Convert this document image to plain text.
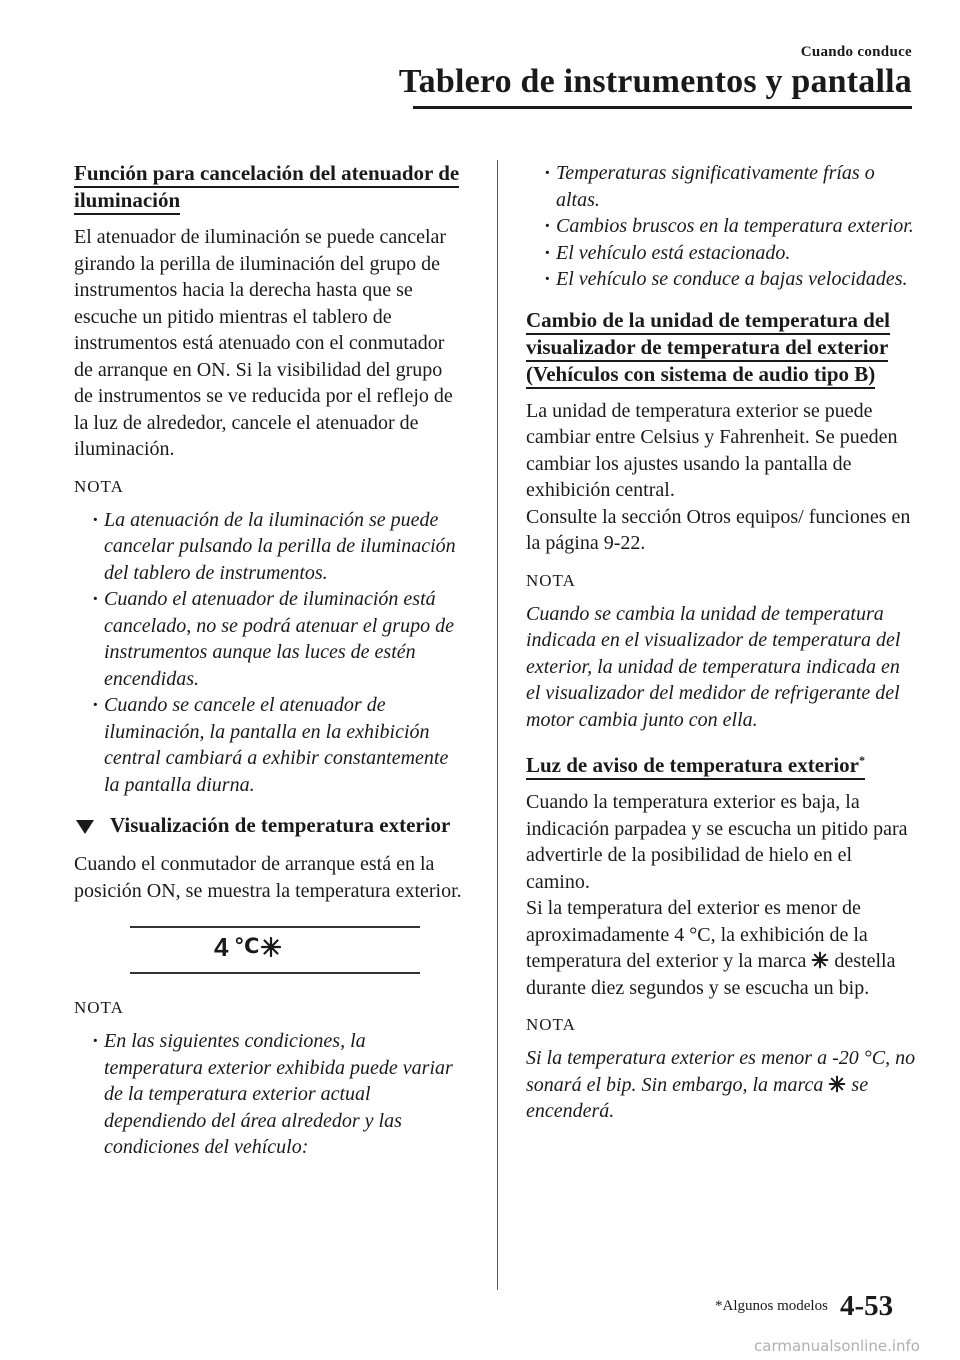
Cuando conduce
Tablero de instrumentos y pantalla
Función para cancelación del atenuador de iluminación

El atenuador de iluminación se puede cancelar girando la perilla de iluminación del grupo de instrumentos hacia la derecha hasta que se escuche un pitido mientras el tablero de instrumentos está atenuado con el conmutador de arranque en ON. Si la visibilidad del grupo de instrumentos se ve reducida por el reflejo de la luz de alrededor, cancele el atenuador de iluminación.

NOTA

· La atenuación de la iluminación se puede cancelar pulsando la perilla de iluminación del tablero de instrumentos.
· Cuando el atenuador de iluminación está cancelado, no se podrá atenuar el grupo de instrumentos aunque las luces de estén encendidas.
· Cuando se cancele el atenuador de iluminación, la pantalla en la exhibición central cambiará a exhibir constantemente la pantalla diurna.
Visualización de temperatura exterior

Cuando el conmutador de arranque está en la posición ON, se muestra la temperatura exterior.

4 ℃

NOTA

· En las siguientes condiciones, la temperatura exterior exhibida puede variar de la temperatura exterior actual dependiendo del área alrededor y las condiciones del vehículo:
· Temperaturas significativamente frías o altas.
· Cambios bruscos en la temperatura exterior.
· El vehículo está estacionado.
· El vehículo se conduce a bajas velocidades.
Cambio de la unidad de temperatura del visualizador de temperatura del exterior (Vehículos con sistema de audio tipo B)

La unidad de temperatura exterior se puede cambiar entre Celsius y Fahrenheit. Se pueden cambiar los ajustes usando la pantalla de exhibición central.

Consulte la sección Otros equipos/ funciones en la página 9-22.

NOTA

Cuando se cambia la unidad de temperatura indicada en el visualizador de temperatura del exterior, la unidad de temperatura indicada en el visualizador del medidor de refrigerante del motor cambia junto con ella.

Luz de aviso de temperatura exterior*

Cuando la temperatura exterior es baja, la indicación parpadea y se escucha un pitido para advertirle de la posibilidad de hielo en el camino.

Si la temperatura del exterior es menor de aproximadamente 4 °C, la exhibición de la temperatura del exterior y la marca destella durante diez segundos y se escucha un bip.

NOTA

Si la temperatura exterior es menor a -20 °C, no sonará el bip. Sin embargo, la marca se encenderá.

*Algunos modelos 4-53
carmanualsonline.info
